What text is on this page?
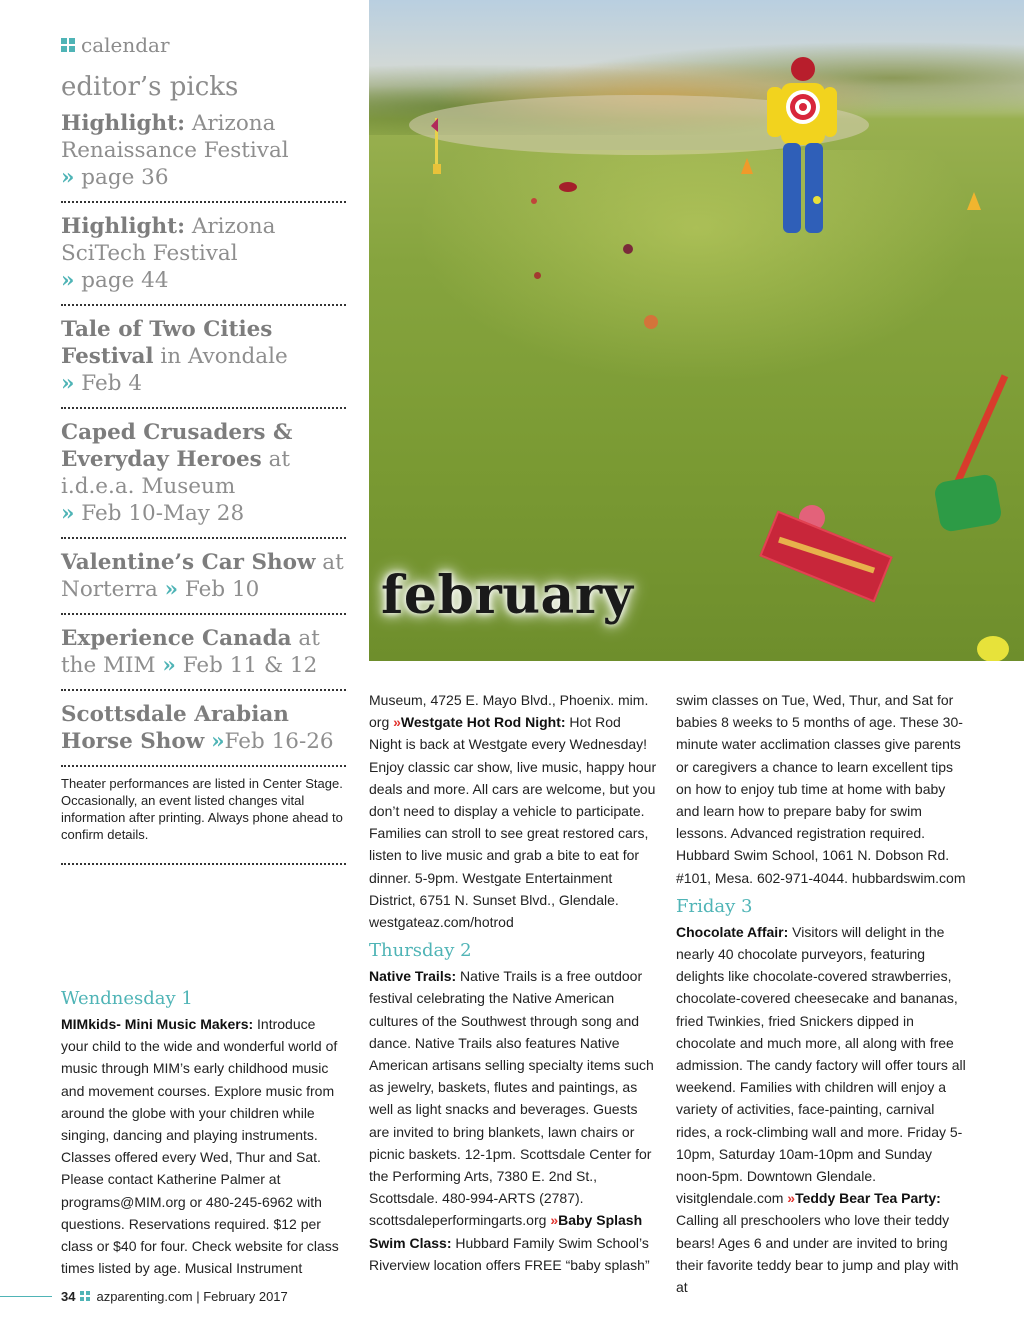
february
calendar
editor’s picks
Highlight: Arizona Renaissance Festival
» page 36
Highlight: Arizona SciTech Festival
» page 44
Tale of Two Cities Festival in Avondale
» Feb 4
Caped Crusaders & Everyday Heroes at i.d.e.a. Museum
» Feb 10-May 28
Valentine’s Car Show at Norterra » Feb 10
Experience Canada at the MIM » Feb 11 & 12
Scottsdale Arabian Horse Show »Feb 16-26
Theater performances are listed in Center Stage. Occasionally, an event listed changes vital information after printing. Always phone ahead to confirm details.
Wendnesday 1
MIMkids- Mini Music Makers: Introduce your child to the wide and wonderful world of music through MIM’s early childhood music and movement courses. Explore music from around the globe with your children while singing, dancing and playing instruments. Classes offered every Wed, Thur and Sat. Please contact Katherine Palmer at programs@MIM.org or 480-245-6962 with questions. Reservations required. $12 per class or $40 for four. Check website for class times listed by age. Musical Instrument
Museum, 4725 E. Mayo Blvd., Phoenix. mim. org »Westgate Hot Rod Night: Hot Rod Night is back at Westgate every Wednesday! Enjoy classic car show, live music, happy hour deals and more. All cars are welcome, but you don’t need to display a vehicle to participate. Families can stroll to see great restored cars, listen to live music and grab a bite to eat for dinner. 5-9pm. Westgate Entertainment District, 6751 N. Sunset Blvd., Glendale. westgateaz.com/hotrod
Thursday 2
Native Trails: Native Trails is a free outdoor festival celebrating the Native American cultures of the Southwest through song and dance. Native Trails also features Native American artisans selling specialty items such as jewelry, baskets, flutes and paintings, as well as light snacks and beverages. Guests are invited to bring blankets, lawn chairs or picnic baskets. 12-1pm. Scottsdale Center for the Performing Arts, 7380 E. 2nd St., Scottsdale. 480-994-ARTS (2787). scottsdaleperformingarts.org »Baby Splash Swim Class: Hubbard Family Swim School’s Riverview location offers FREE “baby splash”
swim classes on Tue, Wed, Thur, and Sat for babies 8 weeks to 5 months of age. These 30-minute water acclimation classes give parents or caregivers a chance to learn excellent tips on how to enjoy tub time at home with baby and learn how to prepare baby for swim lessons. Advanced registration required. Hubbard Swim School, 1061 N. Dobson Rd. #101, Mesa. 602-971-4044. hubbardswim.com
Friday 3
Chocolate Affair: Visitors will delight in the nearly 40 chocolate purveyors, featuring delights like chocolate-covered strawberries, chocolate-covered cheesecake and bananas, fried Twinkies, fried Snickers dipped in chocolate and much more, all along with free admission. The candy factory will offer tours all weekend. Families with children will enjoy a variety of activities, face-painting, carnival rides, a rock-climbing wall and more. Friday 5-10pm, Saturday 10am-10pm and Sunday noon-5pm. Downtown Glendale. visitglendale.com »Teddy Bear Tea Party: Calling all preschoolers who love their teddy bears! Ages 6 and under are invited to bring their favorite teddy bear to jump and play with at
34 azparenting.com | February 2017
